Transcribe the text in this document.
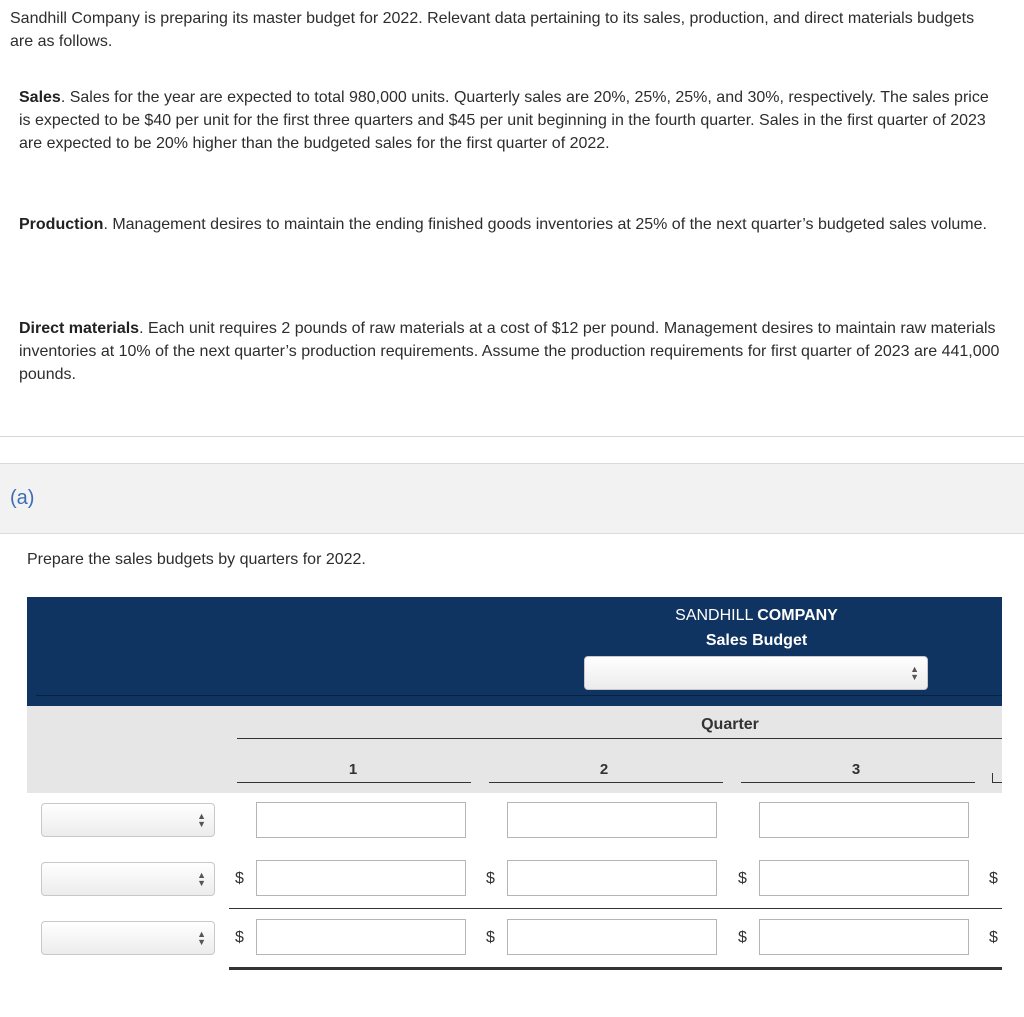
Sandhill Company is preparing its master budget for 2022. Relevant data pertaining to its sales, production, and direct materials budgets are as follows.
Sales. Sales for the year are expected to total 980,000 units. Quarterly sales are 20%, 25%, 25%, and 30%, respectively. The sales price is expected to be $40 per unit for the first three quarters and $45 per unit beginning in the fourth quarter. Sales in the first quarter of 2023 are expected to be 20% higher than the budgeted sales for the first quarter of 2022.
Production. Management desires to maintain the ending finished goods inventories at 25% of the next quarter’s budgeted sales volume.
Direct materials. Each unit requires 2 pounds of raw materials at a cost of $12 per pound. Management desires to maintain raw materials inventories at 10% of the next quarter’s production requirements. Assume the production requirements for first quarter of 2023 are 441,000 pounds.
(a)
Prepare the sales budgets by quarters for 2022.
SANDHILL COMPANY
Sales Budget
▲
▼
Quarter
1	2	3
▲
▼
▲
▼ $	$	$	$
▲
▼ $	$	$	$
